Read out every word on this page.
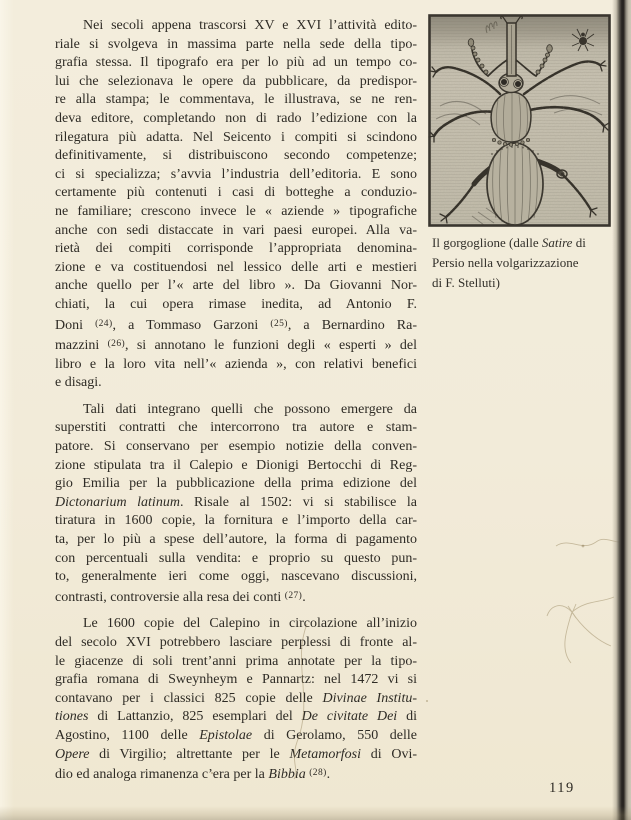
Nei secoli appena trascorsi XV e XVI l’attività edito-
riale si svolgeva in massima parte nella sede della tipo-
grafia stessa. Il tipografo era per lo più ad un tempo co-
lui che selezionava le opere da pubblicare, da predispor-
re alla stampa; le commentava, le illustrava, se ne ren-
deva editore, completando non di rado l’edizione con la
rilegatura più adatta. Nel Seicento i compiti si scindono
definitivamente, si distribuiscono secondo competenze;
ci si specializza; s’avvia l’industria dell’editoria. E sono
certamente più contenuti i casi di botteghe a conduzio-
ne familiare; crescono invece le « aziende » tipografiche
anche con sedi distaccate in vari paesi europei. Alla va-
rietà dei compiti corrisponde l’appropriata denomina-
zione e va costituendosi nel lessico delle arti e mestieri
anche quello per l’« arte del libro ». Da Giovanni Nor-
chiati, la cui opera rimase inedita, ad Antonio F.
Doni $^{(24)}$, a Tommaso Garzoni $^{(25)}$, a Bernardino Ra-
mazzini $^{(26)}$, si annotano le funzioni degli « esperti » del
libro e la loro vita nell’« azienda », con relativi benefici
e disagi.
Tali dati integrano quelli che possono emergere da
superstiti contratti che intercorrono tra autore e stam-
patore. Si conservano per esempio notizie della conven-
zione stipulata tra il Calepio e Dionigi Bertocchi di Reg-
gio Emilia per la pubblicazione della prima edizione del
Dictonarium latinum. Risale al 1502: vi si stabilisce la
tiratura in 1600 copie, la fornitura e l’importo della car-
ta, per lo più a spese dell’autore, la forma di pagamento
con percentuali sulla vendita: e proprio su questo pun-
to, generalmente ieri come oggi, nascevano discussioni,
contrasti, controversie alla resa dei conti $^{(27)}$.
Le 1600 copie del Calepino in circolazione all’inizio
del secolo XVI potrebbero lasciare perplessi di fronte al-
le giacenze di soli trent’anni prima annotate per la tipo-
grafia romana di Sweynheym e Pannartz: nel 1472 vi si
contavano per i classici 825 copie delle Divinae Institu-
tiones di Lattanzio, 825 esemplari del De civitate Dei di
Agostino, 1100 delle Epistolae di Gerolamo, 550 delle
Opere di Virgilio; altrettante per le Metamorfosi di Ovi-
dio ed analoga rimanenza c’era per la Bibbia $^{(28)}$.
Il gorgoglione (dalle Satire di
Persio nella volgarizzazione
di F. Stelluti)
119
